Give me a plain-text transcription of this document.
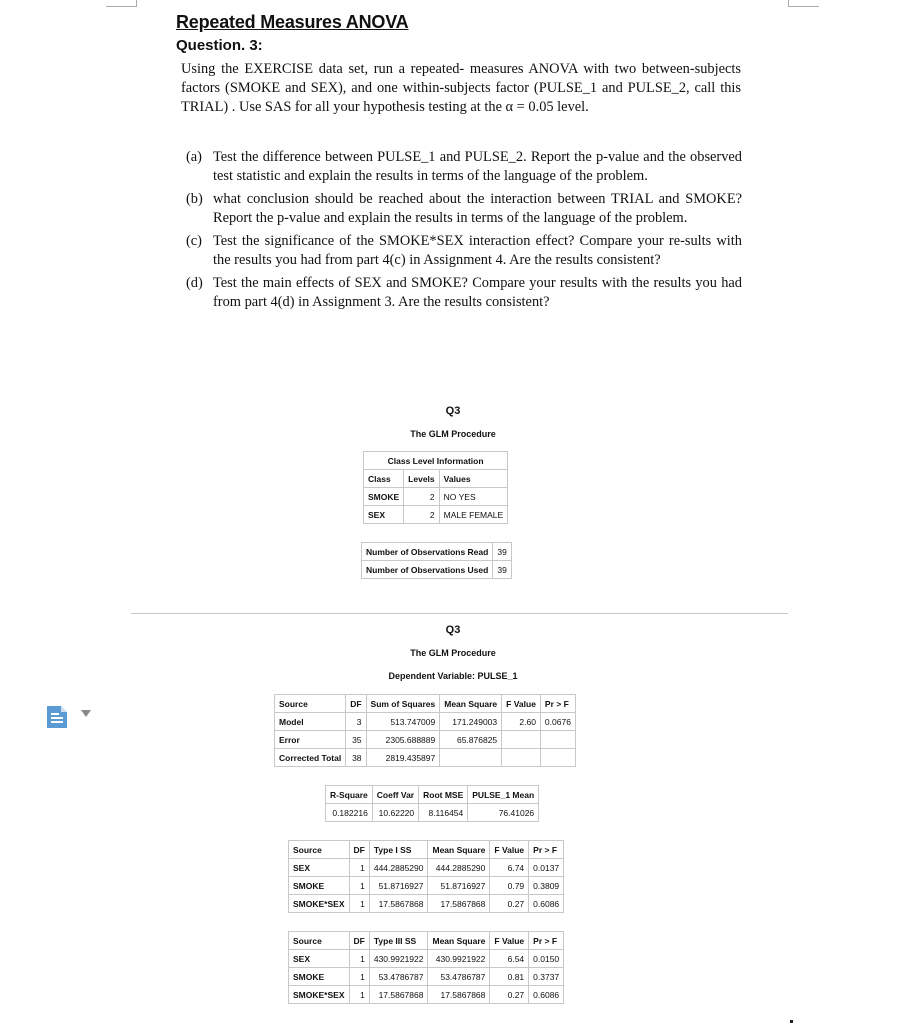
Repeated Measures ANOVA
Question. 3:
Using the EXERCISE data set, run a repeated- measures ANOVA with two between-subjects factors (SMOKE and SEX), and one within-subjects factor (PULSE_1 and PULSE_2, call this TRIAL) . Use SAS for all your hypothesis testing at the α = 0.05 level.
(a) Test the difference between PULSE_1 and PULSE_2. Report the p-value and the observed test statistic and explain the results in terms of the language of the problem.
(b) what conclusion should be reached about the interaction between TRIAL and SMOKE? Report the p-value and explain the results in terms of the language of the problem.
(c) Test the significance of the SMOKE*SEX interaction effect? Compare your re-sults with the results you had from part 4(c) in Assignment 4. Are the results consistent?
(d) Test the main effects of SEX and SMOKE? Compare your results with the results you had from part 4(d) in Assignment 3. Are the results consistent?
Q3
The GLM Procedure
Class Level Information		
Class	Levels	Values
SMOKE	2	NO YES
SEX	2	MALE FEMALE
Number of Observations Read	39
Number of Observations Used	39
Q3
The GLM Procedure
Dependent Variable: PULSE_1
Source	DF	Sum of Squares	Mean Square	F Value	Pr > F
Model	3	513.747009	171.249003	2.60	0.0676
Error	35	2305.688889	65.876825		
Corrected Total	38	2819.435897			
R-Square	Coeff Var	Root MSE	PULSE_1 Mean
0.182216	10.62220	8.116454	76.41026
Source	DF	Type I SS	Mean Square	F Value	Pr > F
SEX	1	444.2885290	444.2885290	6.74	0.0137
SMOKE	1	51.8716927	51.8716927	0.79	0.3809
SMOKE*SEX	1	17.5867868	17.5867868	0.27	0.6086
Source	DF	Type III SS	Mean Square	F Value	Pr > F
SEX	1	430.9921922	430.9921922	6.54	0.0150
SMOKE	1	53.4786787	53.4786787	0.81	0.3737
SMOKE*SEX	1	17.5867868	17.5867868	0.27	0.6086
